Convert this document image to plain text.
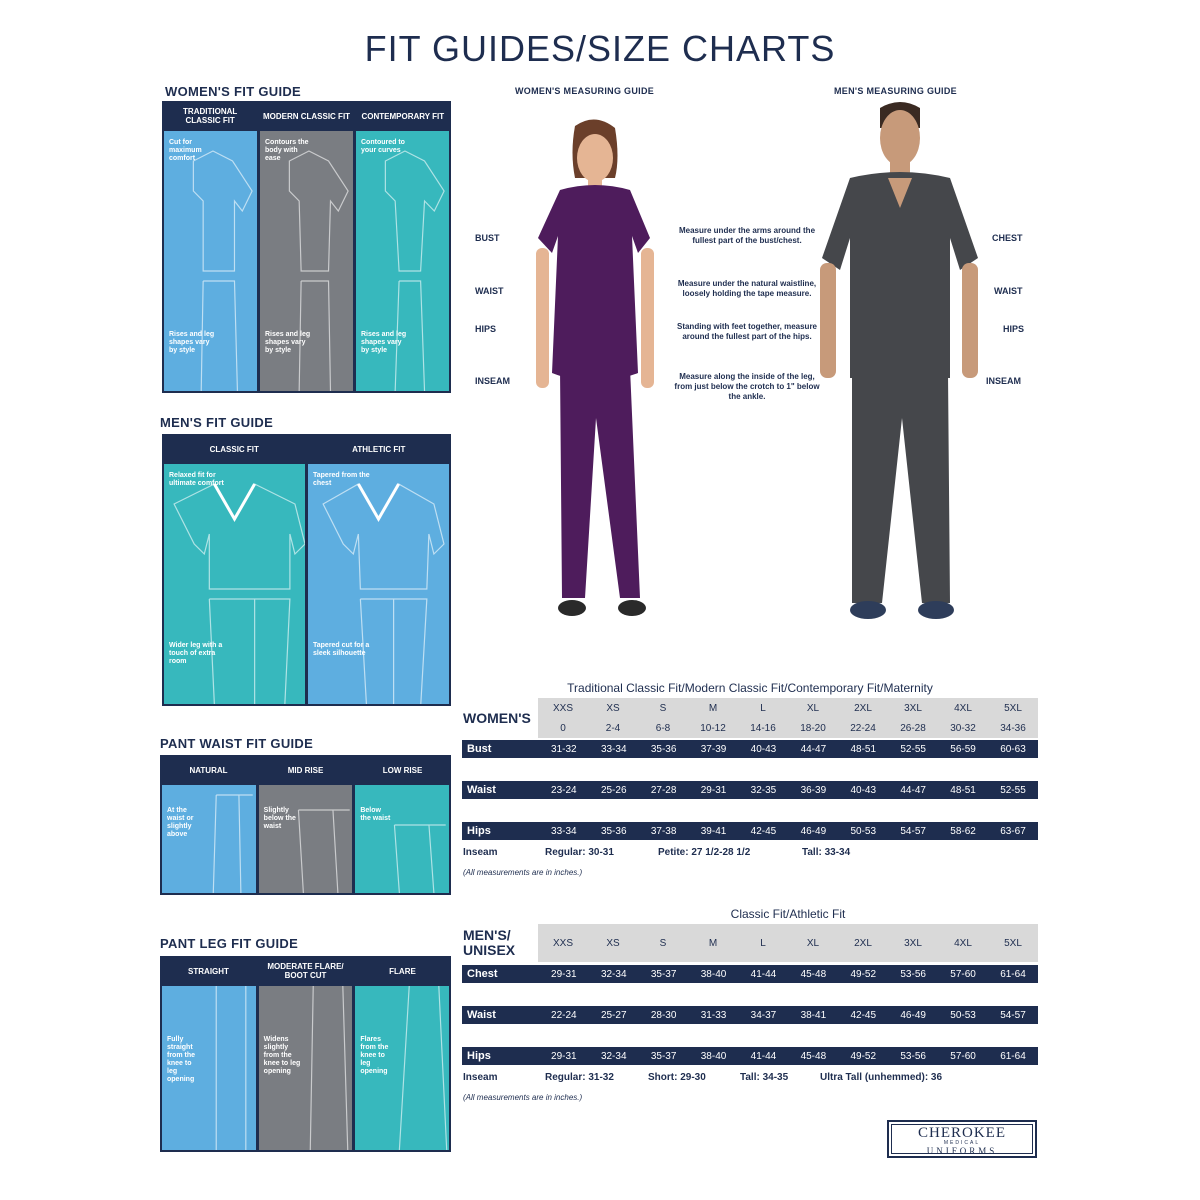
FIT GUIDES/SIZE CHARTS
WOMEN'S FIT GUIDE
TRADITIONAL CLASSIC FIT	MODERN CLASSIC FIT	CONTEMPORARY FIT
Cut for maximum comfort
Rises and leg shapes vary by style
Contours the body with ease
Rises and leg shapes vary by style
Contoured to your curves
Rises and leg shapes vary by style
MEN'S FIT GUIDE
CLASSIC FIT	ATHLETIC FIT
Relaxed fit for ultimate comfort
Wider leg with a touch of extra room
Tapered from the chest
Tapered cut for a sleek silhouette
PANT WAIST FIT GUIDE
NATURAL	MID RISE	LOW RISE
At the waist or slightly above
Slightly below the waist
Below the waist
PANT LEG FIT GUIDE
STRAIGHT	MODERATE FLARE/ BOOT CUT	FLARE
Fully straight from the knee to leg opening
Widens slightly from the knee to leg opening
Flares from the knee to leg opening
WOMEN'S MEASURING GUIDE	MEN'S MEASURING GUIDE
BUST
WAIST
HIPS
INSEAM
CHEST
WAIST
HIPS
INSEAM
Measure under the arms around the fullest part of the bust/chest.
Measure under the natural waistline, loosely holding the tape measure.
Standing with feet together, measure around the fullest part of the hips.
Measure along the inside of the leg, from just below the crotch to 1" below the ankle.
Traditional Classic Fit/Modern Classic Fit/Contemporary Fit/Maternity
WOMEN'S
XXS	XS	S	M	L	XL	2XL	3XL	4XL	5XL
0	2-4	6-8	10-12	14-16	18-20	22-24	26-28	30-32	34-36
Bust	31-32	33-34	35-36	37-39	40-43	44-47	48-51	52-55	56-59	60-63
Waist	23-24	25-26	27-28	29-31	32-35	36-39	40-43	44-47	48-51	52-55
Hips	33-34	35-36	37-38	39-41	42-45	46-49	50-53	54-57	58-62	63-67
Inseam	Regular: 30-31	Petite: 27 1/2-28 1/2	Tall: 33-34
(All measurements are in inches.)
Classic Fit/Athletic Fit
MEN'S/ UNISEX	XXS	XS	S	M	L	XL	2XL	3XL	4XL	5XL
Chest	29-31	32-34	35-37	38-40	41-44	45-48	49-52	53-56	57-60	61-64
Waist	22-24	25-27	28-30	31-33	34-37	38-41	42-45	46-49	50-53	54-57
Hips	29-31	32-34	35-37	38-40	41-44	45-48	49-52	53-56	57-60	61-64
Inseam	Regular: 31-32	Short: 29-30	Tall: 34-35	Ultra Tall (unhemmed): 36
(All measurements are in inches.)
CHEROKEE
MEDICAL
UNIFORMS
